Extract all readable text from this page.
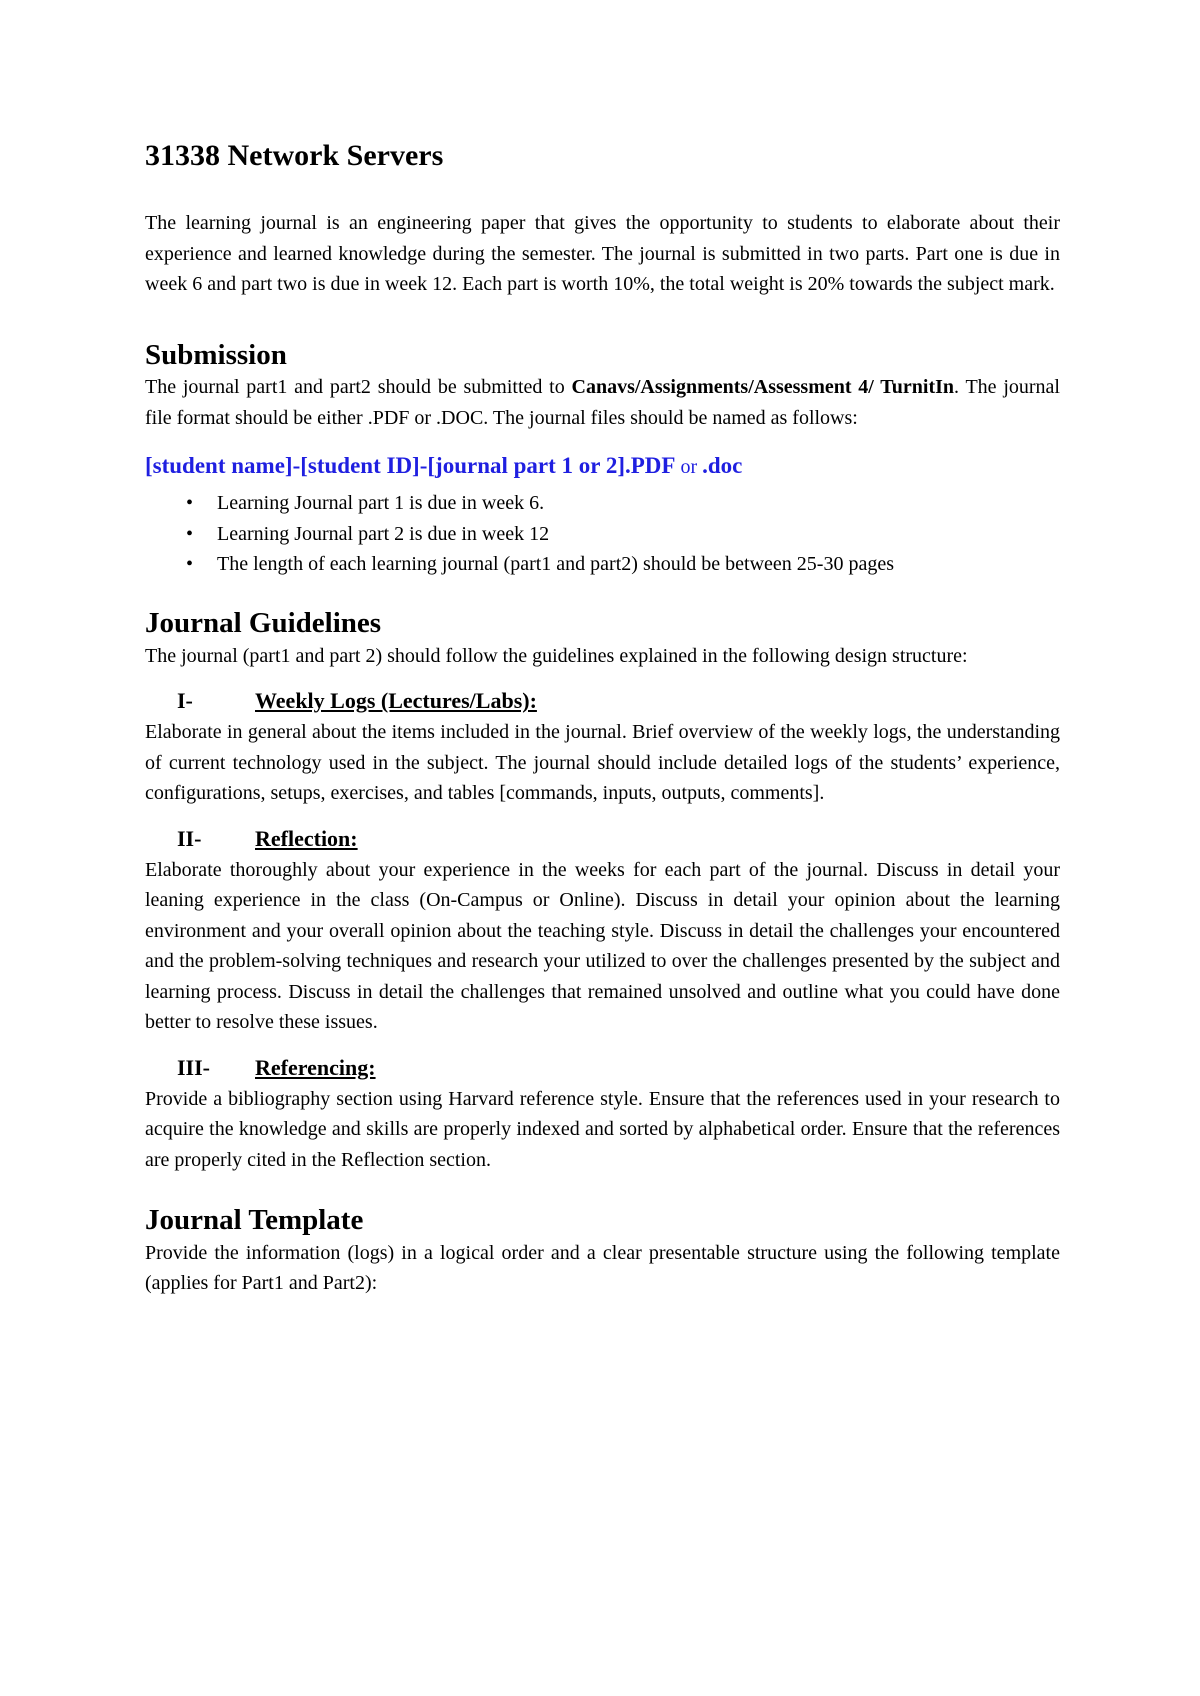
31338 Network Servers

The learning journal is an engineering paper that gives the opportunity to students to elaborate about their experience and learned knowledge during the semester. The journal is submitted in two parts. Part one is due in week 6 and part two is due in week 12. Each part is worth 10%, the total weight is 20% towards the subject mark.

Submission

The journal part1 and part2 should be submitted to Canavs/Assignments/Assessment 4/ TurnitIn. The journal file format should be either .PDF or .DOC. The journal files should be named as follows:

[student name]-[student ID]-[journal part 1 or 2].PDF or .doc
• Learning Journal part 1 is due in week 6.
• Learning Journal part 2 is due in week 12
• The length of each learning journal (part1 and part2) should be between 25-30 pages
Journal Guidelines

The journal (part1 and part 2) should follow the guidelines explained in the following design structure:

I-	Weekly Logs (Lectures/Labs):

Elaborate in general about the items included in the journal. Brief overview of the weekly logs, the understanding of current technology used in the subject. The journal should include detailed logs of the students’ experience, configurations, setups, exercises, and tables [commands, inputs, outputs, comments].

II-	Reflection:

Elaborate thoroughly about your experience in the weeks for each part of the journal. Discuss in detail your leaning experience in the class (On-Campus or Online). Discuss in detail your opinion about the learning environment and your overall opinion about the teaching style. Discuss in detail the challenges your encountered and the problem-solving techniques and research your utilized to over the challenges presented by the subject and learning process. Discuss in detail the challenges that remained unsolved and outline what you could have done better to resolve these issues.

III-	Referencing:

Provide a bibliography section using Harvard reference style. Ensure that the references used in your research to acquire the knowledge and skills are properly indexed and sorted by alphabetical order. Ensure that the references are properly cited in the Reflection section.

Journal Template

Provide the information (logs) in a logical order and a clear presentable structure using the following template (applies for Part1 and Part2):
